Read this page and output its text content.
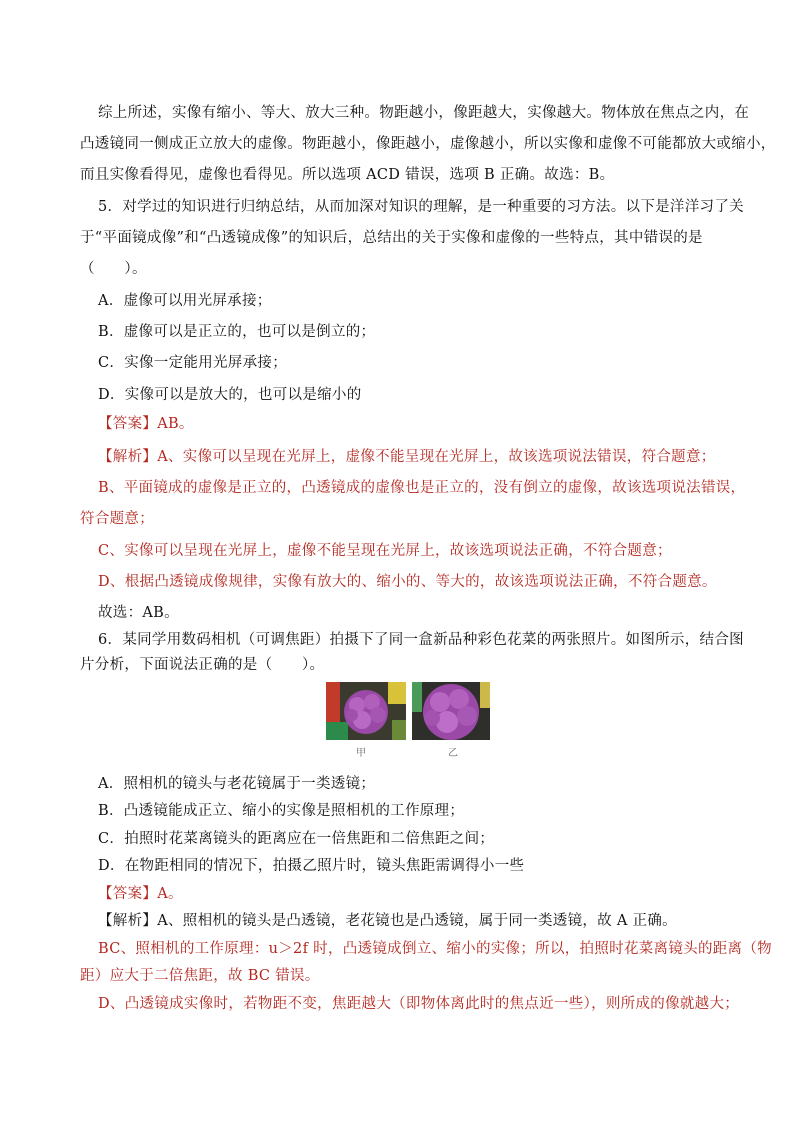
综上所述，实像有缩小、等大、放大三种。物距越小，像距越大，实像越大。物体放在焦点之内，在
凸透镜同一侧成正立放大的虚像。物距越小，像距越小，虚像越小，所以实像和虚像不可能都放大或缩小，
而且实像看得见，虚像也看得见。所以选项 ACD 错误，选项 B 正确。故选：B。
5．对学过的知识进行归纳总结，从而加深对知识的理解，是一种重要的习方法。以下是洋洋习了关
于“平面镜成像”和“凸透镜成像”的知识后，总结出的关于实像和虚像的一些特点，其中错误的是
（　　）。
A．虚像可以用光屏承接；
B．虚像可以是正立的，也可以是倒立的；
C．实像一定能用光屏承接；
D．实像可以是放大的，也可以是缩小的
【答案】AB。
【解析】A、实像可以呈现在光屏上，虚像不能呈现在光屏上，故该选项说法错误，符合题意；
B、平面镜成的虚像是正立的，凸透镜成的虚像也是正立的，没有倒立的虚像，故该选项说法错误，
符合题意；
C、实像可以呈现在光屏上，虚像不能呈现在光屏上，故该选项说法正确，不符合题意；
D、根据凸透镜成像规律，实像有放大的、缩小的、等大的，故该选项说法正确，不符合题意。
故选：AB。
6．某同学用数码相机（可调焦距）拍摄下了同一盒新品种彩色花菜的两张照片。如图所示，结合图
片分析，下面说法正确的是（　　）。
甲	乙
A．照相机的镜头与老花镜属于一类透镜；
B．凸透镜能成正立、缩小的实像是照相机的工作原理；
C．拍照时花菜离镜头的距离应在一倍焦距和二倍焦距之间；
D．在物距相同的情况下，拍摄乙照片时，镜头焦距需调得小一些
【答案】A。
【解析】A、照相机的镜头是凸透镜，老花镜也是凸透镜，属于同一类透镜，故 A 正确。
BC、照相机的工作原理：u＞2f 时，凸透镜成倒立、缩小的实像；所以，拍照时花菜离镜头的距离（物
距）应大于二倍焦距，故 BC 错误。
D、凸透镜成实像时，若物距不变，焦距越大（即物体离此时的焦点近一些），则所成的像就越大；
